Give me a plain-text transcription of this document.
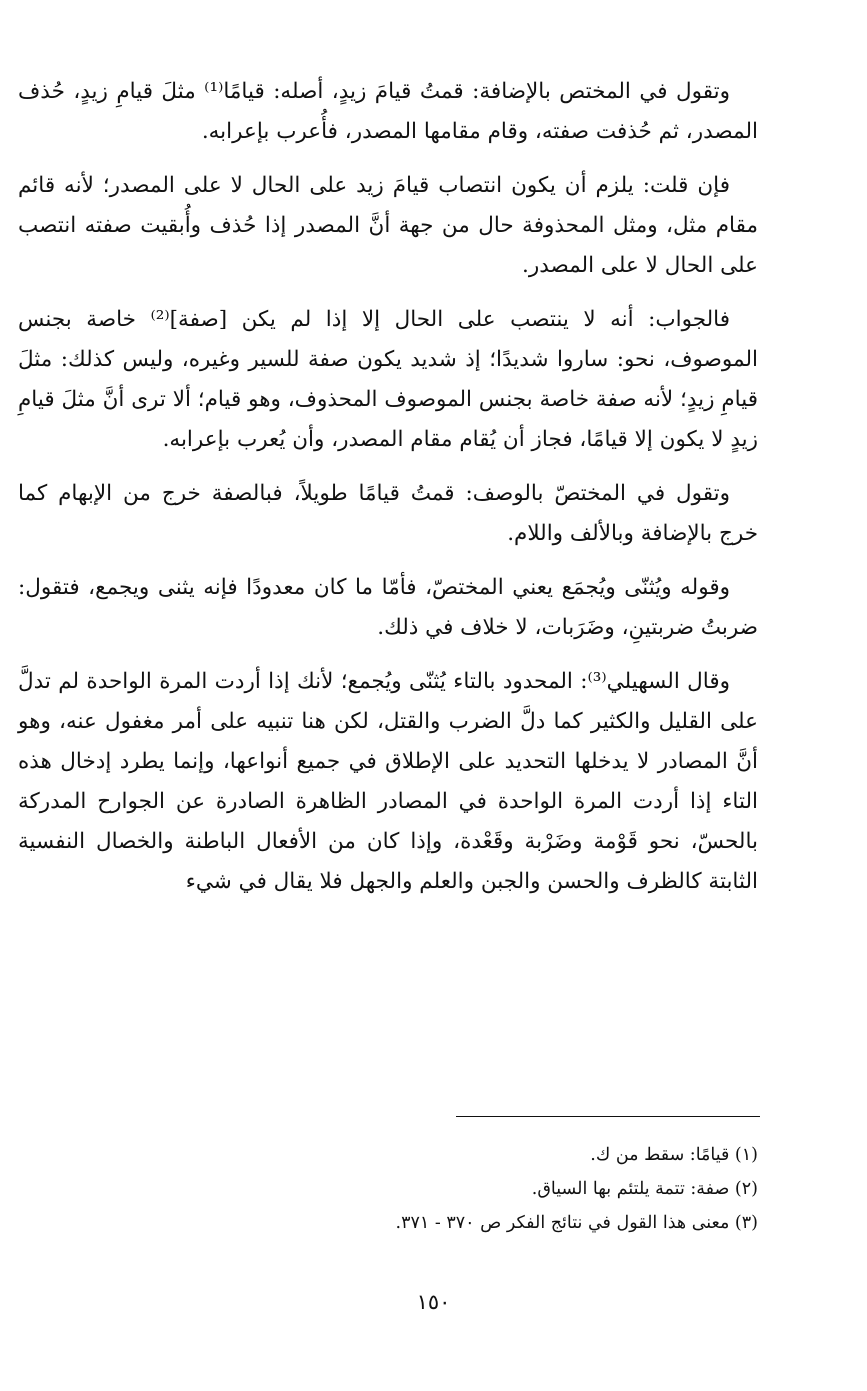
وتقول في المختص بالإضافة: قمتُ قيامَ زيدٍ، أصله: قيامًا⁽¹⁾ مثلَ قيامِ زيدٍ، حُذف المصدر، ثم حُذفت صفته، وقام مقامها المصدر، فأُعرب بإعرابه.

فإن قلت: يلزم أن يكون انتصاب قيامَ زيد على الحال لا على المصدر؛ لأنه قائم مقام مثل، ومثل المحذوفة حال من جهة أنَّ المصدر إذا حُذف وأُبقيت صفته انتصب على الحال لا على المصدر.

فالجواب: أنه لا ينتصب على الحال إلا إذا لم يكن [صفة]⁽²⁾ خاصة بجنس الموصوف، نحو: ساروا شديدًا؛ إذ شديد يكون صفة للسير وغيره، وليس كذلك: مثلَ قيامِ زيدٍ؛ لأنه صفة خاصة بجنس الموصوف المحذوف، وهو قيام؛ ألا ترى أنَّ مثلَ قيامِ زيدٍ لا يكون إلا قيامًا، فجاز أن يُقام مقام المصدر، وأن يُعرب بإعرابه.

وتقول في المختصّ بالوصف: قمتُ قيامًا طويلاً، فبالصفة خرج من الإبهام كما خرج بالإضافة وبالألف واللام.

وقوله ويُثنّى ويُجمَع يعني المختصّ، فأمّا ما كان معدودًا فإنه يثنى ويجمع، فتقول: ضربتُ ضربتينِ، وضَرَبات، لا خلاف في ذلك.

وقال السهيلي⁽³⁾: المحدود بالتاء يُثنّى ويُجمع؛ لأنك إذا أردت المرة الواحدة لم تدلَّ على القليل والكثير كما دلَّ الضرب والقتل، لكن هنا تنبيه على أمر مغفول عنه، وهو أنَّ المصادر لا يدخلها التحديد على الإطلاق في جميع أنواعها، وإنما يطرد إدخال هذه التاء إذا أردت المرة الواحدة في المصادر الظاهرة الصادرة عن الجوارح المدركة بالحسّ، نحو قَوْمة وضَرْبة وقَعْدة، وإذا كان من الأفعال الباطنة والخصال النفسية الثابتة كالظرف والحسن والجبن والعلم والجهل فلا يقال في شيء

(١) قيامًا: سقط من ك.

(٢) صفة: تتمة يلتئم بها السياق.

(٣) معنى هذا القول في نتائج الفكر ص ٣٧٠ - ٣٧١.

١٥٠
